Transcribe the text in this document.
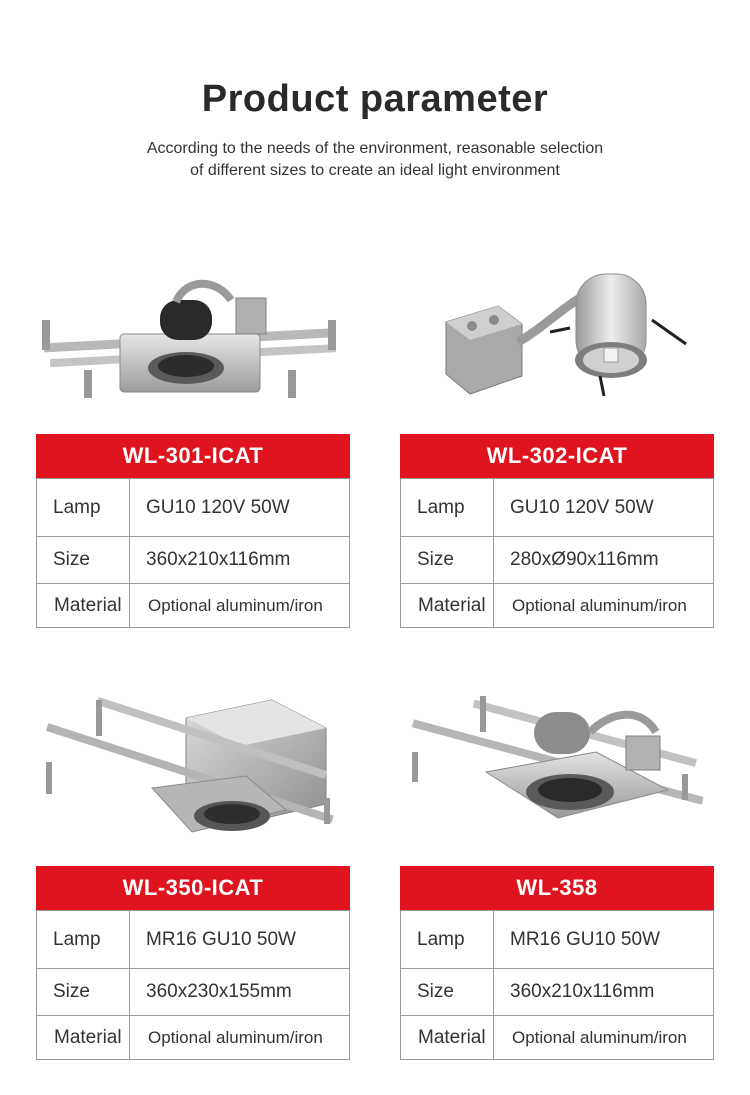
Product parameter
According to the needs of the environment, reasonable selection
of different sizes to create an ideal light environment
WL-301-ICAT
Lamp	GU10 120V 50W
Size	360x210x116mm
Material	Optional aluminum/iron
WL-302-ICAT
Lamp	GU10 120V 50W
Size	280xØ90x116mm
Material	Optional aluminum/iron
WL-350-ICAT
Lamp	MR16 GU10 50W
Size	360x230x155mm
Material	Optional aluminum/iron
WL-358
Lamp	MR16 GU10 50W
Size	360x210x116mm
Material	Optional aluminum/iron
